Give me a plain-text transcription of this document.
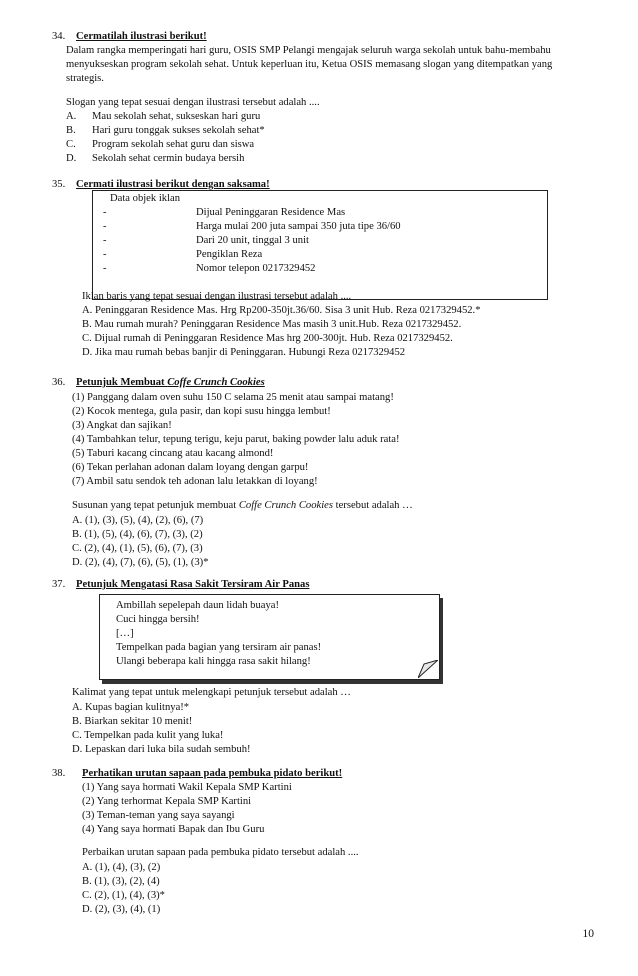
34. Cermatilah ilustrasi berikut!
Dalam rangka memperingati hari guru, OSIS SMP Pelangi mengajak seluruh warga sekolah untuk bahu-membahu
menyukseskan program sekolah sehat. Untuk keperluan itu, Ketua OSIS memasang slogan yang ditempatkan yang
strategis.
Slogan yang tepat sesuai dengan ilustrasi tersebut adalah ....
A. Mau sekolah sehat, sukseskan hari guru
B. Hari guru tonggak sukses sekolah sehat*
C. Program sekolah sehat guru dan siswa
D. Sekolah sehat cermin budaya bersih
35. Cermati ilustrasi berikut dengan saksama!
Data objek iklan
-	Dijual Peninggaran Residence Mas
-	Harga mulai 200 juta sampai 350 juta tipe 36/60
-	Dari 20 unit, tinggal 3 unit
-	Pengiklan Reza
-	Nomor telepon 0217329452
Iklan baris yang tepat sesuai dengan ilustrasi tersebut adalah ....
A. Peninggaran Residence Mas. Hrg Rp200-350jt.36/60. Sisa 3 unit Hub. Reza 0217329452.*
B. Mau rumah murah? Peninggaran Residence Mas masih 3 unit.Hub. Reza 0217329452.
C. Dijual rumah di Peninggaran Residence Mas hrg 200-300jt. Hub. Reza 0217329452.
D. Jika mau rumah bebas banjir di Peninggaran. Hubungi Reza 0217329452
36. Petunjuk Membuat Coffe Crunch Cookies
(1) Panggang dalam oven suhu 150 C selama 25 menit atau sampai matang!
(2) Kocok mentega, gula pasir, dan kopi susu hingga lembut!
(3) Angkat dan sajikan!
(4) Tambahkan telur, tepung terigu, keju parut, baking powder lalu aduk rata!
(5) Taburi kacang cincang atau kacang almond!
(6) Tekan perlahan adonan dalam loyang dengan garpu!
(7) Ambil satu sendok teh adonan lalu letakkan di loyang!
Susunan yang tepat petunjuk membuat Coffe Crunch Cookies tersebut adalah …
A. (1), (3), (5), (4), (2), (6), (7)
B. (1), (5), (4), (6), (7), (3), (2)
C. (2), (4), (1), (5), (6), (7), (3)
D. (2), (4), (7), (6), (5), (1), (3)*
37. Petunjuk Mengatasi Rasa Sakit Tersiram Air Panas
Ambillah sepelepah daun lidah buaya!
Cuci hingga bersih!
[…]
Tempelkan pada bagian yang tersiram air panas!
Ulangi beberapa kali hingga rasa sakit hilang!
Kalimat yang tepat untuk melengkapi petunjuk tersebut adalah …
A. Kupas bagian kulitnya!*
B. Biarkan sekitar 10 menit!
C. Tempelkan pada kulit yang luka!
D. Lepaskan dari luka bila sudah sembuh!
38. Perhatikan urutan sapaan pada pembuka pidato berikut!
(1) Yang saya hormati Wakil Kepala SMP Kartini
(2) Yang terhormat Kepala SMP Kartini
(3) Teman-teman yang saya sayangi
(4) Yang saya hormati Bapak dan Ibu Guru
Perbaikan urutan sapaan pada pembuka pidato tersebut adalah ....
A. (1), (4), (3), (2)
B. (1), (3), (2), (4)
C. (2), (1), (4), (3)*
D. (2), (3), (4), (1)
10
